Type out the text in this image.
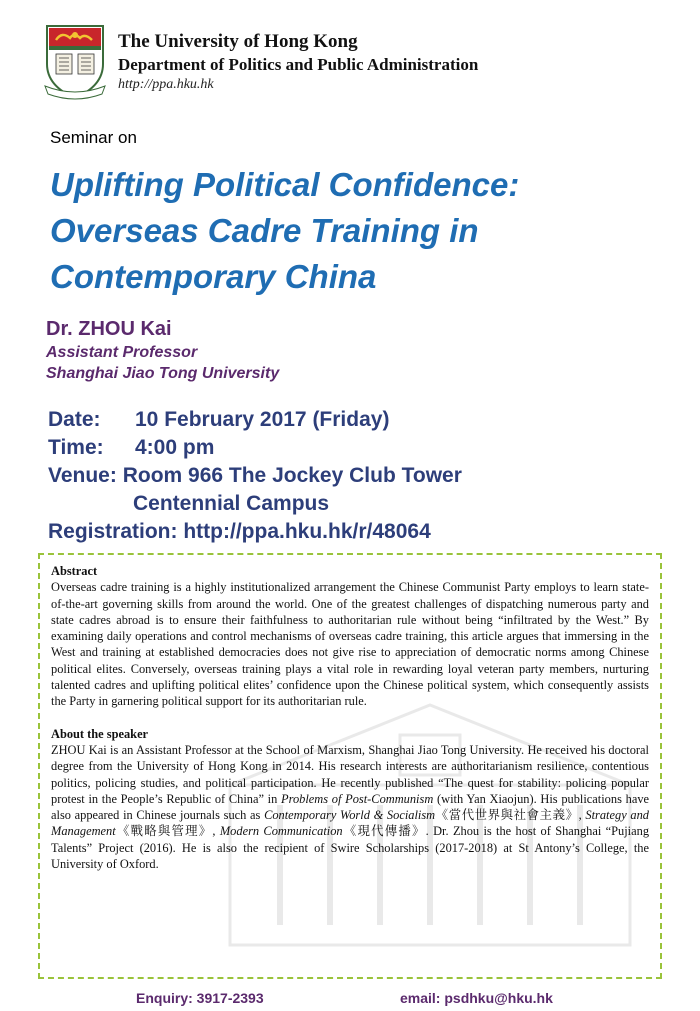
The University of Hong Kong
Department of Politics and Public Administration
http://ppa.hku.hk
Seminar on
Uplifting Political Confidence:
Overseas Cadre Training in
Contemporary China
Dr. ZHOU Kai
Assistant Professor
Shanghai Jiao Tong University
Date: 10 February 2017 (Friday)
Time: 4:00 pm
Venue: Room 966 The Jockey Club Tower
Centennial Campus
Registration: http://ppa.hku.hk/r/48064
Abstract

Overseas cadre training is a highly institutionalized arrangement the Chinese Communist Party employs to learn state-of-the-art governing skills from around the world. One of the greatest challenges of dispatching numerous party and state cadres abroad is to ensure their faithfulness to authoritarian rule without being “infiltrated by the West.” By examining daily operations and control mechanisms of overseas cadre training, this article argues that immersing in the West and training at established democracies does not give rise to appreciation of democratic norms among Chinese political elites. Conversely, overseas training plays a vital role in rewarding loyal veteran party members, nurturing talented cadres and uplifting political elites’ confidence upon the Chinese political system, which consequently assists the Party in garnering political support for its authoritarian rule.

About the speaker

ZHOU Kai is an Assistant Professor at the School of Marxism, Shanghai Jiao Tong University. He received his doctoral degree from the University of Hong Kong in 2014. His research interests are authoritarianism resilience, contentious politics, policing studies, and political participation. He recently published “The quest for stability: policing popular protest in the People’s Republic of China” in Problems of Post-Communism (with Yan Xiaojun). His publications have also appeared in Chinese journals such as Contemporary World & Socialism《當代世界與社會主義》, Strategy and Management《戰略與管理》, Modern Communication《現代傳播》. Dr. Zhou is the host of Shanghai “Pujiang Talents” Project (2016). He is also the recipient of Swire Scholarships (2017-2018) at St Antony’s College, the University of Oxford.

Enquiry: 3917-2393	email: psdhku@hku.hk
